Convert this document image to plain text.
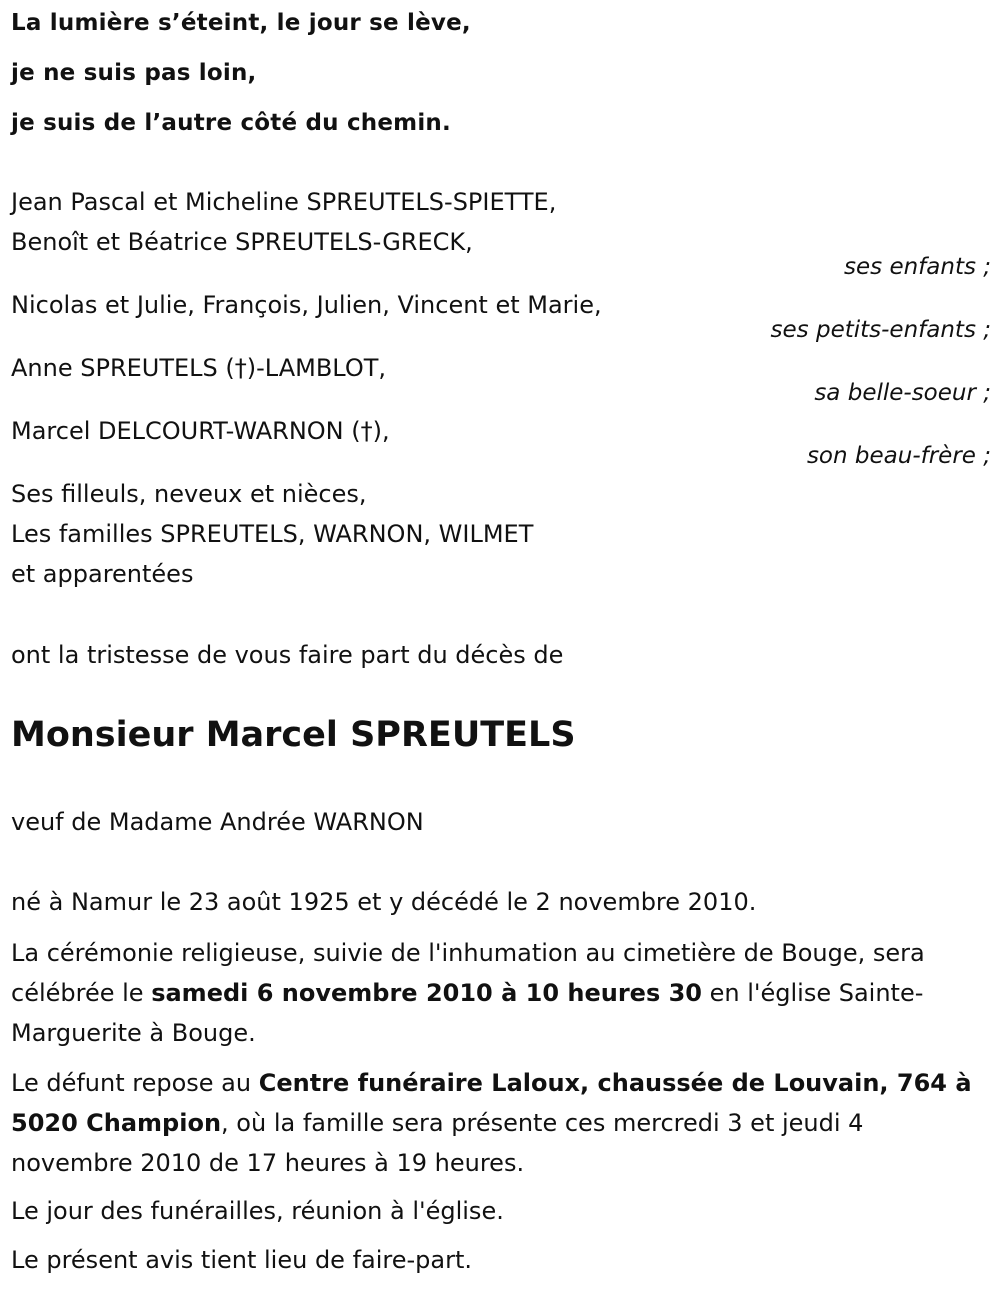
La lumière s’éteint, le jour se lève,
je ne suis pas loin,
je suis de l’autre côté du chemin.
Jean Pascal et Micheline SPREUTELS-SPIETTE,
Benoît et Béatrice SPREUTELS-GRECK,
ses enfants ;
Nicolas et Julie, François, Julien, Vincent et Marie,
ses petits-enfants ;
Anne SPREUTELS (†)-LAMBLOT,
sa belle-soeur ;
Marcel DELCOURT-WARNON (†),
son beau-frère ;
Ses filleuls, neveux et nièces,
Les familles SPREUTELS, WARNON, WILMET
et apparentées
ont la tristesse de vous faire part du décès de
Monsieur Marcel SPREUTELS
veuf de Madame Andrée WARNON
né à Namur le 23 août 1925 et y décédé le 2 novembre 2010.
La cérémonie religieuse, suivie de l'inhumation au cimetière de Bouge, sera célébrée le samedi 6 novembre 2010 à 10 heures 30 en l'église Sainte-Marguerite à Bouge.
Le défunt repose au Centre funéraire Laloux, chaussée de Louvain, 764 à 5020 Champion, où la famille sera présente ces mercredi 3 et jeudi 4 novembre 2010 de 17 heures à 19 heures.
Le jour des funérailles, réunion à l'église.
Le présent avis tient lieu de faire-part.
